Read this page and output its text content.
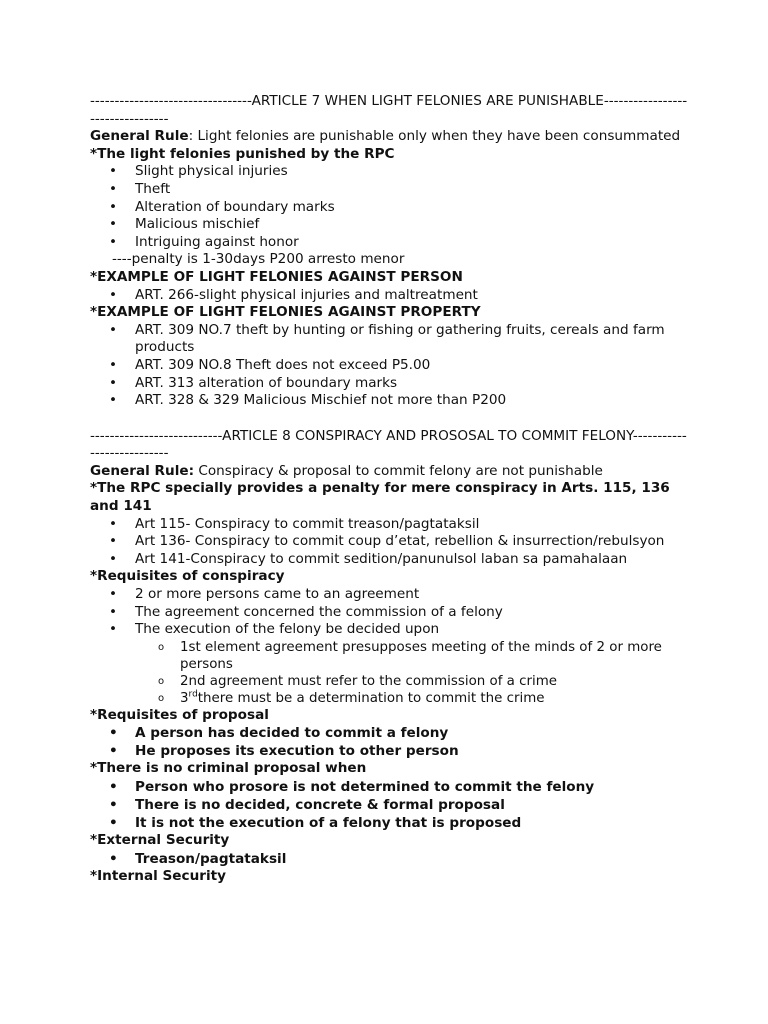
---------------------------------ARTICLE 7 WHEN LIGHT FELONIES ARE PUNISHABLE---------------------------------

General Rule: Light felonies are punishable only when they have been consummated

*The light felonies punished by the RPC

• Slight physical injuries
• Theft
• Alteration of boundary marks
• Malicious mischief
• Intriguing against honor

----penalty is 1-30days P200 arresto menor

*EXAMPLE OF LIGHT FELONIES AGAINST PERSON

• ART. 266-slight physical injuries and maltreatment

*EXAMPLE OF LIGHT FELONIES AGAINST PROPERTY

• ART. 309 NO.7 theft by hunting or fishing or gathering fruits, cereals and farm products
• ART. 309 NO.8 Theft does not exceed P5.00
• ART. 313 alteration of boundary marks
• ART. 328 & 329 Malicious Mischief not more than P200

---------------------------ARTICLE 8 CONSPIRACY AND PROSOSAL TO COMMIT FELONY---------------------------

General Rule: Conspiracy & proposal to commit felony are not punishable

*The RPC specially provides a penalty for mere conspiracy in Arts. 115, 136 and 141

• Art 115- Conspiracy to commit treason/pagtataksil
• Art 136- Conspiracy to commit coup d’etat, rebellion & insurrection/rebulsyon
• Art 141-Conspiracy to commit sedition/panunulsol laban sa pamahalaan

*Requisites of conspiracy

• 2 or more persons came to an agreement
• The agreement concerned the commission of a felony
• The execution of the felony be decided upon
o 1st element agreement presupposes meeting of the minds of 2 or more persons
o 2nd agreement must refer to the commission of a crime
o 3rdthere must be a determination to commit the crime

*Requisites of proposal

• A person has decided to commit a felony
• He proposes its execution to other person

*There is no criminal proposal when

• Person who prosore is not determined to commit the felony
• There is no decided, concrete & formal proposal
• It is not the execution of a felony that is proposed

*External Security

• Treason/pagtataksil

*Internal Security
